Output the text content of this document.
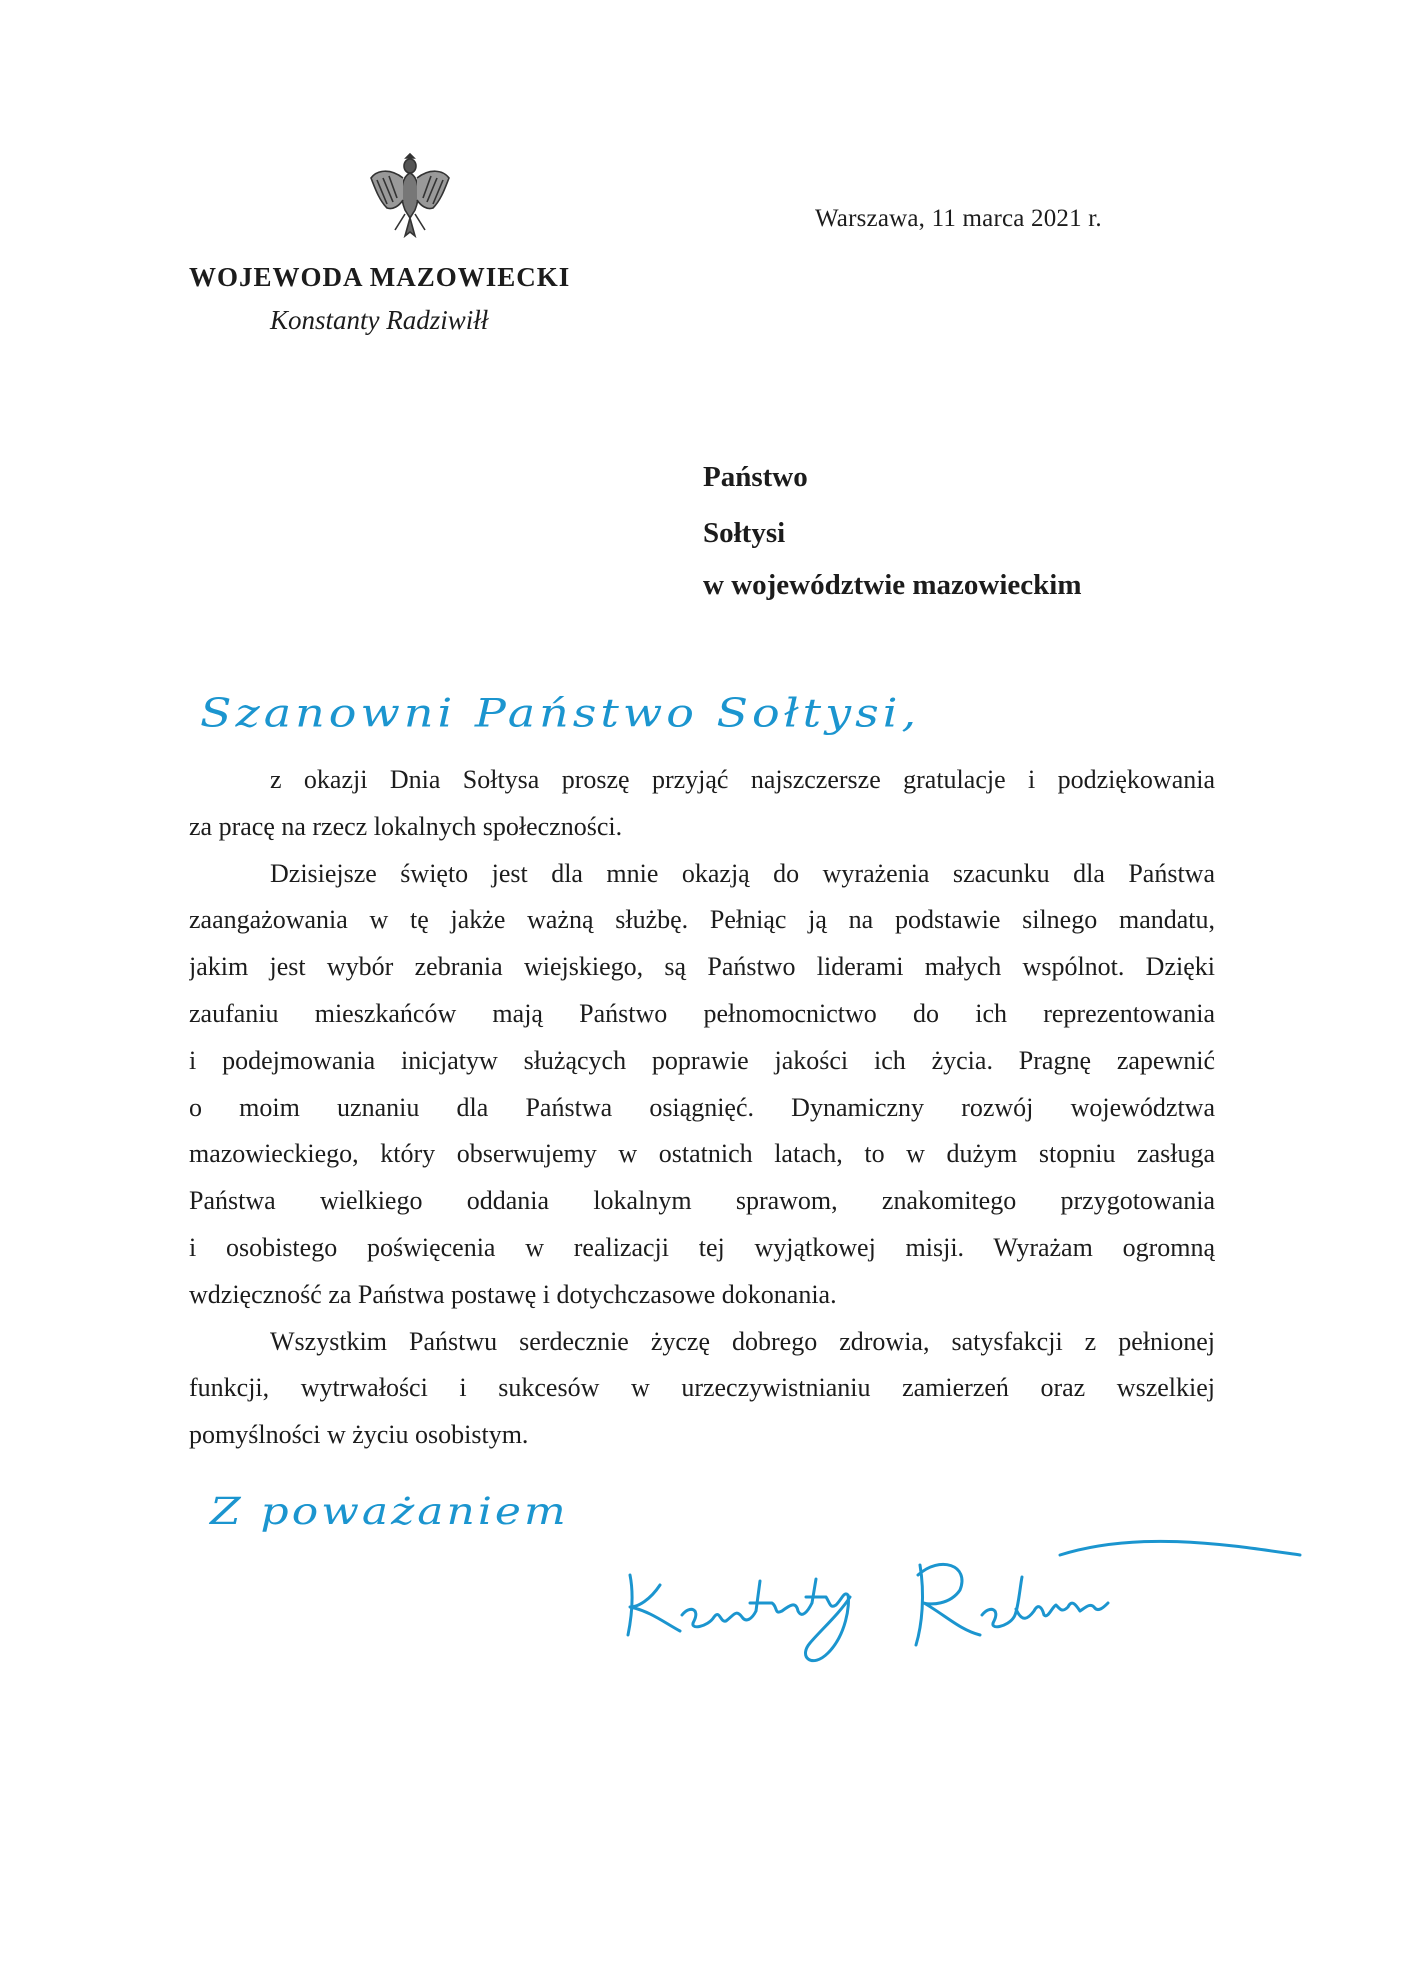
Warszawa, 11 marca 2021 r.
WOJEWODA MAZOWIECKI
Konstanty Radziwiłł
Państwo
Sołtysi
w województwie mazowieckim
Szanowni Państwo Sołtysi,
z okazji Dnia Sołtysa proszę przyjąć najszczersze gratulacje i podziękowania
za pracę na rzecz lokalnych społeczności.
Dzisiejsze święto jest dla mnie okazją do wyrażenia szacunku dla Państwa
zaangażowania w tę jakże ważną służbę. Pełniąc ją na podstawie silnego mandatu,
jakim jest wybór zebrania wiejskiego, są Państwo liderami małych wspólnot. Dzięki
zaufaniu mieszkańców mają Państwo pełnomocnictwo do ich reprezentowania
i podejmowania inicjatyw służących poprawie jakości ich życia. Pragnę zapewnić
o moim uznaniu dla Państwa osiągnięć. Dynamiczny rozwój województwa
mazowieckiego, który obserwujemy w ostatnich latach, to w dużym stopniu zasługa
Państwa wielkiego oddania lokalnym sprawom, znakomitego przygotowania
i osobistego poświęcenia w realizacji tej wyjątkowej misji. Wyrażam ogromną
wdzięczność za Państwa postawę i dotychczasowe dokonania.
Wszystkim Państwu serdecznie życzę dobrego zdrowia, satysfakcji z pełnionej
funkcji, wytrwałości i sukcesów w urzeczywistnianiu zamierzeń oraz wszelkiej
pomyślności w życiu osobistym.
Z poważaniem
